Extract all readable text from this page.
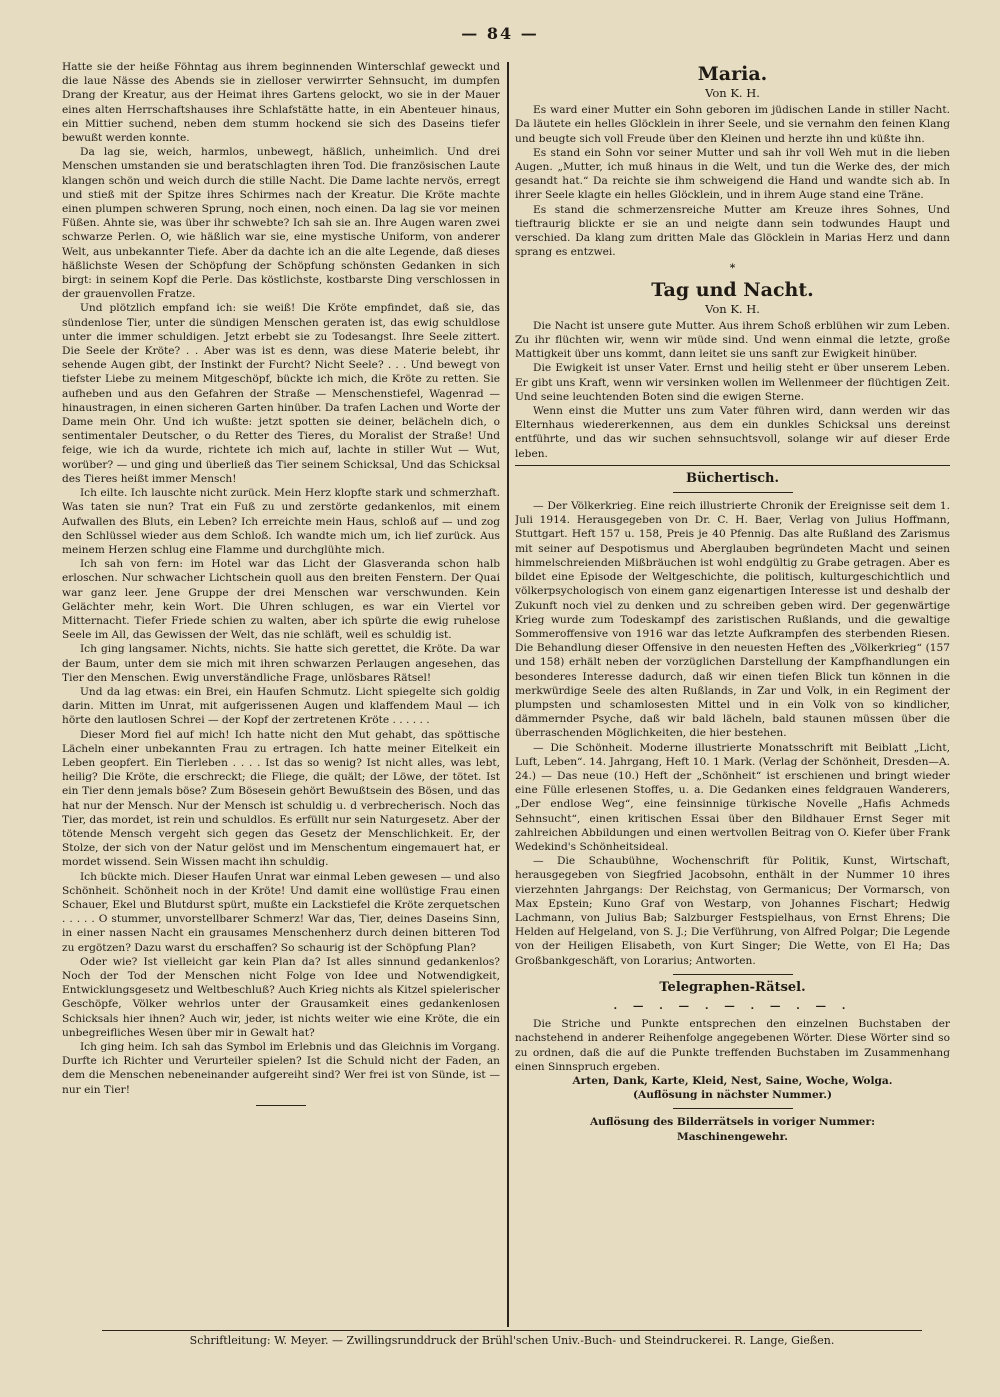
— 84 —

Hatte sie der heiße Föhntag aus ihrem beginnenden Winterschlaf geweckt und die laue Nässe des Abends sie in zielloser verwirrter Sehnsucht, im dumpfen Drang der Kreatur, aus der Heimat ihres Gartens gelockt, wo sie in der Mauer eines alten Herrschaftshauses ihre Schlafstätte hatte, in ein Abenteuer hinaus, ein Mittier suchend, neben dem stumm hockend sie sich des Daseins tiefer bewußt werden konnte.

Da lag sie, weich, harmlos, unbewegt, häßlich, unheimlich. Und drei Menschen umstanden sie und beratschlagten ihren Tod. Die französischen Laute klangen schön und weich durch die stille Nacht. Die Dame lachte nervös, erregt und stieß mit der Spitze ihres Schirmes nach der Kreatur. Die Kröte machte einen plumpen schweren Sprung, noch einen, noch einen. Da lag sie vor meinen Füßen. Ahnte sie, was über ihr schwebte? Ich sah sie an. Ihre Augen waren zwei schwarze Perlen. O, wie häßlich war sie, eine mystische Uniform, von anderer Welt, aus unbekannter Tiefe. Aber da dachte ich an die alte Legende, daß dieses häßlichste Wesen der Schöpfung der Schöpfung schönsten Gedanken in sich birgt: in seinem Kopf die Perle. Das köstlichste, kostbarste Ding verschlossen in der grauenvollen Fratze.

Und plötzlich empfand ich: sie weiß! Die Kröte empfindet, daß sie, das sündenlose Tier, unter die sündigen Menschen geraten ist, das ewig schuldlose unter die immer schuldigen. Jetzt erbebt sie zu Todesangst. Ihre Seele zittert. Die Seele der Kröte? . . Aber was ist es denn, was diese Materie belebt, ihr sehende Augen gibt, der Instinkt der Furcht? Nicht Seele? . . . Und bewegt von tiefster Liebe zu meinem Mitgeschöpf, bückte ich mich, die Kröte zu retten. Sie aufheben und aus den Gefahren der Straße — Menschenstiefel, Wagenrad — hinaustragen, in einen sicheren Garten hinüber. Da trafen Lachen und Worte der Dame mein Ohr. Und ich wußte: jetzt spotten sie deiner, belächeln dich, o sentimentaler Deutscher, o du Retter des Tieres, du Moralist der Straße! Und feige, wie ich da wurde, richtete ich mich auf, lachte in stiller Wut — Wut, worüber? — und ging und überließ das Tier seinem Schicksal, Und das Schicksal des Tieres heißt immer Mensch!

Ich eilte. Ich lauschte nicht zurück. Mein Herz klopfte stark und schmerzhaft. Was taten sie nun? Trat ein Fuß zu und zerstörte gedankenlos, mit einem Aufwallen des Bluts, ein Leben? Ich erreichte mein Haus, schloß auf — und zog den Schlüssel wieder aus dem Schloß. Ich wandte mich um, ich lief zurück. Aus meinem Herzen schlug eine Flamme und durchglühte mich.

Ich sah von fern: im Hotel war das Licht der Glasveranda schon halb erloschen. Nur schwacher Lichtschein quoll aus den breiten Fenstern. Der Quai war ganz leer. Jene Gruppe der drei Menschen war verschwunden. Kein Gelächter mehr, kein Wort. Die Uhren schlugen, es war ein Viertel vor Mitternacht. Tiefer Friede schien zu walten, aber ich spürte die ewig ruhelose Seele im All, das Gewissen der Welt, das nie schläft, weil es schuldig ist.

Ich ging langsamer. Nichts, nichts. Sie hatte sich gerettet, die Kröte. Da war der Baum, unter dem sie mich mit ihren schwarzen Perlaugen angesehen, das Tier den Menschen. Ewig unverständliche Frage, unlösbares Rätsel!

Und da lag etwas: ein Brei, ein Haufen Schmutz. Licht spiegelte sich goldig darin. Mitten im Unrat, mit aufgerissenen Augen und klaffendem Maul — ich hörte den lautlosen Schrei — der Kopf der zertretenen Kröte . . . . . .

Dieser Mord fiel auf mich! Ich hatte nicht den Mut gehabt, das spöttische Lächeln einer unbekannten Frau zu ertragen. Ich hatte meiner Eitelkeit ein Leben geopfert. Ein Tierleben . . . . Ist das so wenig? Ist nicht alles, was lebt, heilig? Die Kröte, die erschreckt; die Fliege, die quält; der Löwe, der tötet. Ist ein Tier denn jemals böse? Zum Bösesein gehört Bewußtsein des Bösen, und das hat nur der Mensch. Nur der Mensch ist schuldig u. d verbrecherisch. Noch das Tier, das mordet, ist rein und schuldlos. Es erfüllt nur sein Naturgesetz. Aber der tötende Mensch vergeht sich gegen das Gesetz der Menschlichkeit. Er, der Stolze, der sich von der Natur gelöst und im Menschentum eingemauert hat, er mordet wissend. Sein Wissen macht ihn schuldig.

Ich bückte mich. Dieser Haufen Unrat war einmal Leben gewesen — und also Schönheit. Schönheit noch in der Kröte! Und damit eine wollüstige Frau einen Schauer, Ekel und Blutdurst spürt, mußte ein Lackstiefel die Kröte zerquetschen . . . . . O stummer, unvorstellbarer Schmerz! War das, Tier, deines Daseins Sinn, in einer nassen Nacht ein grausames Menschenherz durch deinen bitteren Tod zu ergötzen? Dazu warst du erschaffen? So schaurig ist der Schöpfung Plan?

Oder wie? Ist vielleicht gar kein Plan da? Ist alles sinnund gedankenlos? Noch der Tod der Menschen nicht Folge von Idee und Notwendigkeit, Entwicklungsgesetz und Weltbeschluß? Auch Krieg nichts als Kitzel spielerischer Geschöpfe, Völker wehrlos unter der Grausamkeit eines gedankenlosen Schicksals hier ihnen? Auch wir, jeder, ist nichts weiter wie eine Kröte, die ein unbegreifliches Wesen über mir in Gewalt hat?

Ich ging heim. Ich sah das Symbol im Erlebnis und das Gleichnis im Vorgang. Durfte ich Richter und Verurteiler spielen? Ist die Schuld nicht der Faden, an dem die Menschen nebeneinander aufgereiht sind? Wer frei ist von Sünde, ist — nur ein Tier!

Maria.
Von K. H.

Es ward einer Mutter ein Sohn geboren im jüdischen Lande in stiller Nacht. Da läutete ein helles Glöcklein in ihrer Seele, und sie vernahm den feinen Klang und beugte sich voll Freude über den Kleinen und herzte ihn und küßte ihn.

Es stand ein Sohn vor seiner Mutter und sah ihr voll Weh mut in die lieben Augen. „Mutter, ich muß hinaus in die Welt, und tun die Werke des, der mich gesandt hat.“ Da reichte sie ihm schweigend die Hand und wandte sich ab. In ihrer Seele klagte ein helles Glöcklein, und in ihrem Auge stand eine Träne.

Es stand die schmerzensreiche Mutter am Kreuze ihres Sohnes, Und tieftraurig blickte er sie an und neigte dann sein todwundes Haupt und verschied. Da klang zum dritten Male das Glöcklein in Marias Herz und dann sprang es entzwei.

*
Tag und Nacht.
Von K. H.

Die Nacht ist unsere gute Mutter. Aus ihrem Schoß erblühen wir zum Leben. Zu ihr flüchten wir, wenn wir müde sind. Und wenn einmal die letzte, große Mattigkeit über uns kommt, dann leitet sie uns sanft zur Ewigkeit hinüber.

Die Ewigkeit ist unser Vater. Ernst und heilig steht er über unserem Leben. Er gibt uns Kraft, wenn wir versinken wollen im Wellenmeer der flüchtigen Zeit. Und seine leuchtenden Boten sind die ewigen Sterne.

Wenn einst die Mutter uns zum Vater führen wird, dann werden wir das Elternhaus wiedererkennen, aus dem ein dunkles Schicksal uns dereinst entführte, und das wir suchen sehnsuchtsvoll, solange wir auf dieser Erde leben.

Büchertisch.

— Der Völkerkrieg. Eine reich illustrierte Chronik der Ereignisse seit dem 1. Juli 1914. Herausgegeben von Dr. C. H. Baer, Verlag von Julius Hoffmann, Stuttgart. Heft 157 u. 158, Preis je 40 Pfennig. Das alte Rußland des Zarismus mit seiner auf Despotismus und Aberglauben begründeten Macht und seinen himmelschreienden Mißbräuchen ist wohl endgültig zu Grabe getragen. Aber es bildet eine Episode der Weltgeschichte, die politisch, kulturgeschichtlich und völkerpsychologisch von einem ganz eigenartigen Interesse ist und deshalb der Zukunft noch viel zu denken und zu schreiben geben wird. Der gegenwärtige Krieg wurde zum Todeskampf des zaristischen Rußlands, und die gewaltige Sommeroffensive von 1916 war das letzte Aufkrampfen des sterbenden Riesen. Die Behandlung dieser Offensive in den neuesten Heften des „Völkerkrieg“ (157 und 158) erhält neben der vorzüglichen Darstellung der Kampfhandlungen ein besonderes Interesse dadurch, daß wir einen tiefen Blick tun können in die merkwürdige Seele des alten Rußlands, in Zar und Volk, in ein Regiment der plumpsten und schamlosesten Mittel und in ein Volk von so kindlicher, dämmernder Psyche, daß wir bald lächeln, bald staunen müssen über die überraschenden Möglichkeiten, die hier bestehen.

— Die Schönheit. Moderne illustrierte Monatsschrift mit Beiblatt „Licht, Luft, Leben“. 14. Jahrgang, Heft 10. 1 Mark. (Verlag der Schönheit, Dresden—A. 24.) — Das neue (10.) Heft der „Schönheit“ ist erschienen und bringt wieder eine Fülle erlesenen Stoffes, u. a. Die Gedanken eines feldgrauen Wanderers, „Der endlose Weg“, eine feinsinnige türkische Novelle „Hafis Achmeds Sehnsucht“, einen kritischen Essai über den Bildhauer Ernst Seger mit zahlreichen Abbildungen und einen wertvollen Beitrag von O. Kiefer über Frank Wedekind's Schönheitsideal.

— Die Schaubühne, Wochenschrift für Politik, Kunst, Wirtschaft, herausgegeben von Siegfried Jacobsohn, enthält in der Nummer 10 ihres vierzehnten Jahrgangs: Der Reichstag, von Germanicus; Der Vormarsch, von Max Epstein; Kuno Graf von Westarp, von Johannes Fischart; Hedwig Lachmann, von Julius Bab; Salzburger Festspielhaus, von Ernst Ehrens; Die Helden auf Helgeland, von S. J.; Die Verführung, von Alfred Polgar; Die Legende von der Heiligen Elisabeth, von Kurt Singer; Die Wette, von El Ha; Das Großbankgeschäft, von Lorarius; Antworten.

Telegraphen-Rätsel.
. — . — . — . — . — .

Die Striche und Punkte entsprechen den einzelnen Buchstaben der nachstehend in anderer Reihenfolge angegebenen Wörter. Diese Wörter sind so zu ordnen, daß die auf die Punkte treffenden Buchstaben im Zusammenhang einen Sinnspruch ergeben.

Arten, Dank, Karte, Kleid, Nest, Saine, Woche, Wolga.

(Auflösung in nächster Nummer.)

Auflösung des Bilderrätsels in voriger Nummer:

Maschinengewehr.

Schriftleitung: W. Meyer. — Zwillingsrunddruck der Brühl'schen Univ.-Buch- und Steindruckerei. R. Lange, Gießen.
